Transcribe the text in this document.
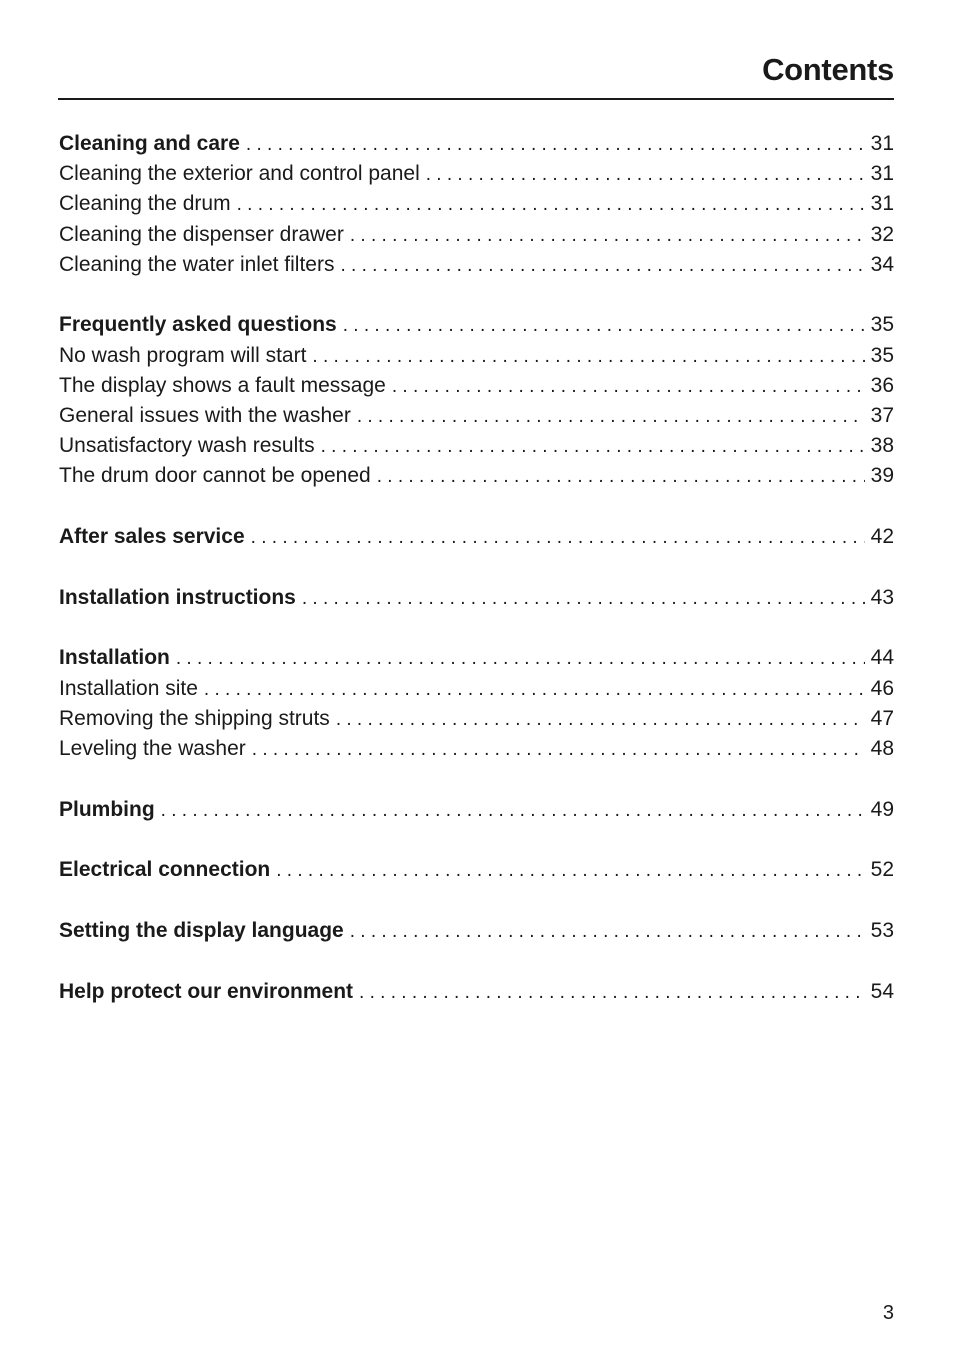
Contents
Cleaning and care . . .	31
Cleaning the exterior and control panel . . .	31
Cleaning the drum . . .	31
Cleaning the dispenser drawer . . .	32
Cleaning the water inlet filters . . .	34
Frequently asked questions . . .	35
No wash program will start . . .	35
The display shows a fault message . . .	36
General issues with the washer . . .	37
Unsatisfactory wash results . . .	38
The drum door cannot be opened . . .	39
After sales service . . .	42
Installation instructions . . .	43
Installation . . .	44
Installation site . . .	46
Removing the shipping struts . . .	47
Leveling the washer . . .	48
Plumbing . . .	49
Electrical connection . . .	52
Setting the display language . . .	53
Help protect our environment . . .	54
3
